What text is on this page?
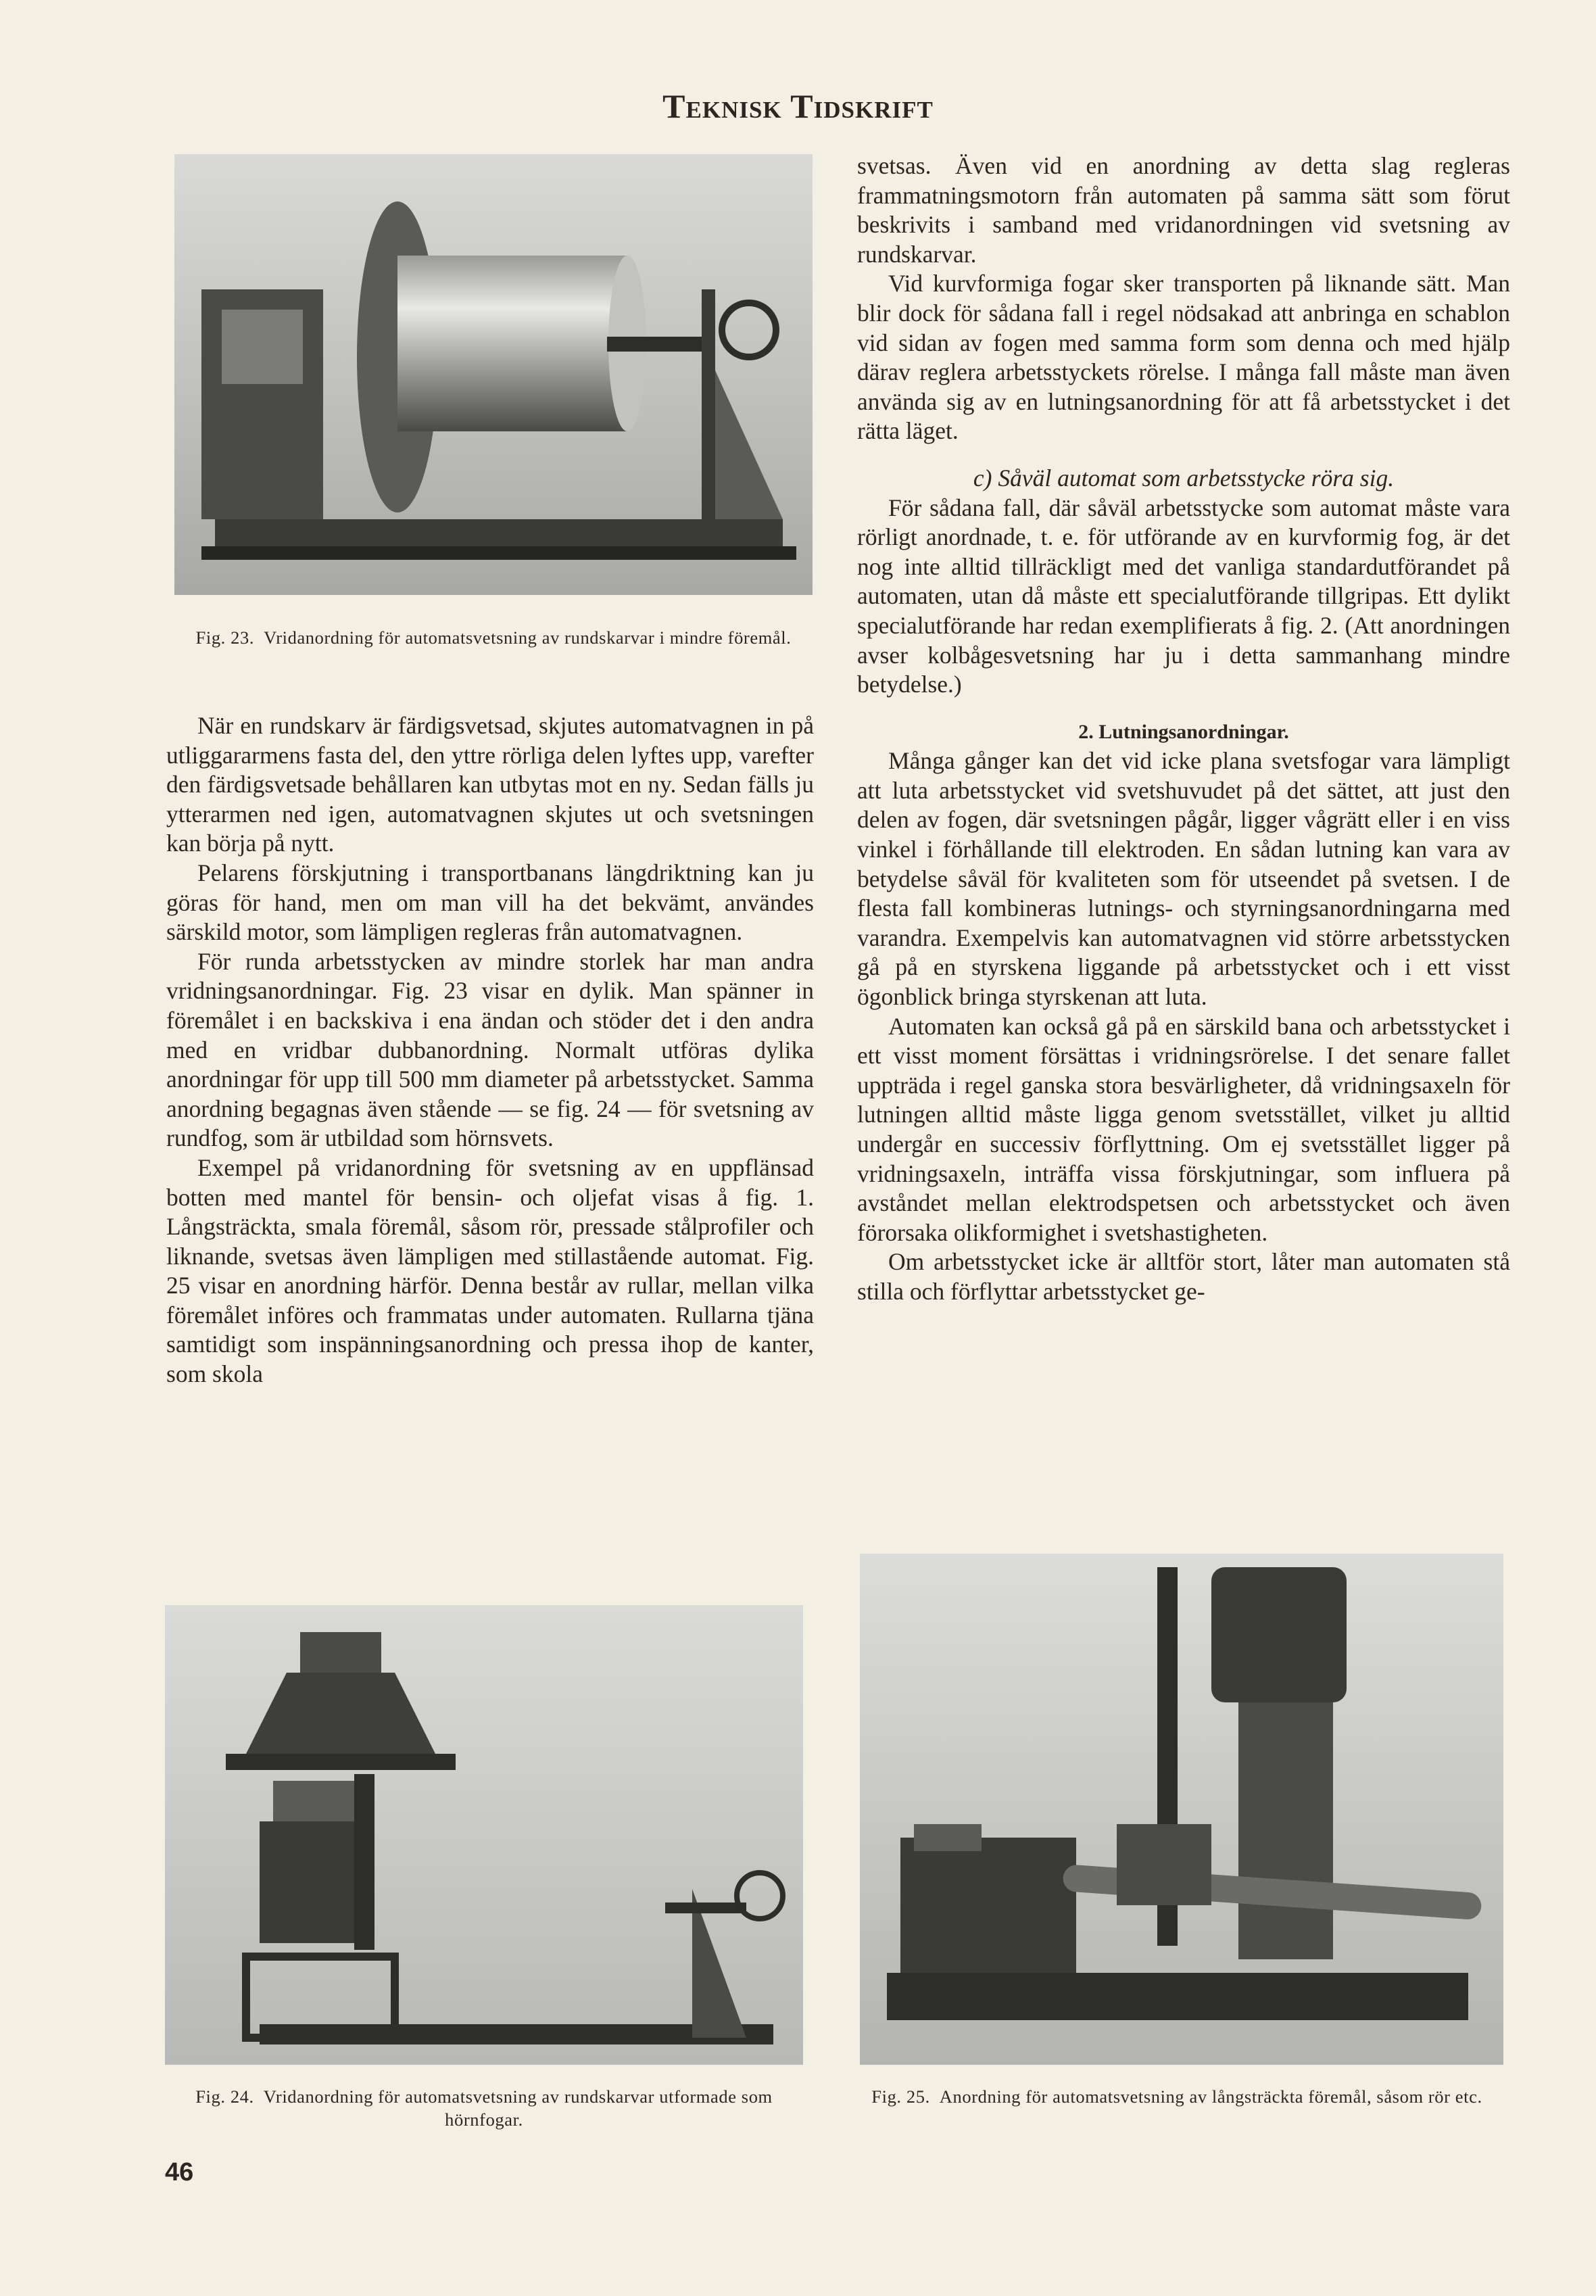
Teknisk Tidskrift
Fig. 23. Vridanordning för automatsvetsning av rundskarvar i mindre föremål.

När en rundskarv är färdigsvetsad, skjutes automatvagnen in på utliggararmens fasta del, den yttre rörliga delen lyftes upp, varefter den färdigsvetsade behållaren kan utbytas mot en ny. Sedan fälls ju ytterarmen ned igen, automatvagnen skjutes ut och svetsningen kan börja på nytt.

Pelarens förskjutning i transportbanans längdriktning kan ju göras för hand, men om man vill ha det bekvämt, användes särskild motor, som lämpligen regleras från automatvagnen.

För runda arbetsstycken av mindre storlek har man andra vridningsanordningar. Fig. 23 visar en dylik. Man spänner in föremålet i en backskiva i ena ändan och stöder det i den andra med en vridbar dubbanordning. Normalt utföras dylika anordningar för upp till 500 mm diameter på arbetsstycket. Samma anordning begagnas även stående — se fig. 24 — för svetsning av rundfog, som är utbildad som hörnsvets.

Exempel på vridanordning för svetsning av en uppflänsad botten med mantel för bensin- och oljefat visas å fig. 1. Långsträckta, smala föremål, såsom rör, pressade stålprofiler och liknande, svetsas även lämpligen med stillastående automat. Fig. 25 visar en anordning härför. Denna består av rullar, mellan vilka föremålet införes och frammatas under automaten. Rullarna tjäna samtidigt som inspänningsanordning och pressa ihop de kanter, som skola

svetsas. Även vid en anordning av detta slag regleras frammatningsmotorn från automaten på samma sätt som förut beskrivits i samband med vridanordningen vid svetsning av rundskarvar.

Vid kurvformiga fogar sker transporten på liknande sätt. Man blir dock för sådana fall i regel nödsakad att anbringa en schablon vid sidan av fogen med samma form som denna och med hjälp därav reglera arbetsstyckets rörelse. I många fall måste man även använda sig av en lutningsanordning för att få arbetsstycket i det rätta läget.

c) Såväl automat som arbetsstycke röra sig.

För sådana fall, där såväl arbetsstycke som automat måste vara rörligt anordnade, t. e. för utförande av en kurvformig fog, är det nog inte alltid tillräckligt med det vanliga standardutförandet på automaten, utan då måste ett specialutförande tillgripas. Ett dylikt specialutförande har redan exemplifierats å fig. 2. (Att anordningen avser kolbågesvetsning har ju i detta sammanhang mindre betydelse.)

2. Lutningsanordningar.

Många gånger kan det vid icke plana svetsfogar vara lämpligt att luta arbetsstycket vid svetshuvudet på det sättet, att just den delen av fogen, där svetsningen pågår, ligger vågrätt eller i en viss vinkel i förhållande till elektroden. En sådan lutning kan vara av betydelse såväl för kvaliteten som för utseendet på svetsen. I de flesta fall kombineras lutnings- och styrningsanordningarna med varandra. Exempelvis kan automatvagnen vid större arbetsstycken gå på en styrskena liggande på arbetsstycket och i ett visst ögonblick bringa styrskenan att luta.

Automaten kan också gå på en särskild bana och arbetsstycket i ett visst moment försättas i vridningsrörelse. I det senare fallet uppträda i regel ganska stora besvärligheter, då vridningsaxeln för lutningen alltid måste ligga genom svetsstället, vilket ju alltid undergår en successiv förflyttning. Om ej svetsstället ligger på vridningsaxeln, inträffa vissa förskjutningar, som influera på avståndet mellan elektrodspetsen och arbetsstycket och även förorsaka olikformighet i svetshastigheten.

Om arbetsstycket icke är alltför stort, låter man automaten stå stilla och förflyttar arbetsstycket ge-

Fig. 24. Vridanordning för automatsvetsning av rundskarvar utformade som hörnfogar.
Fig. 25. Anordning för automatsvetsning av långsträckta föremål, såsom rör etc.
46
